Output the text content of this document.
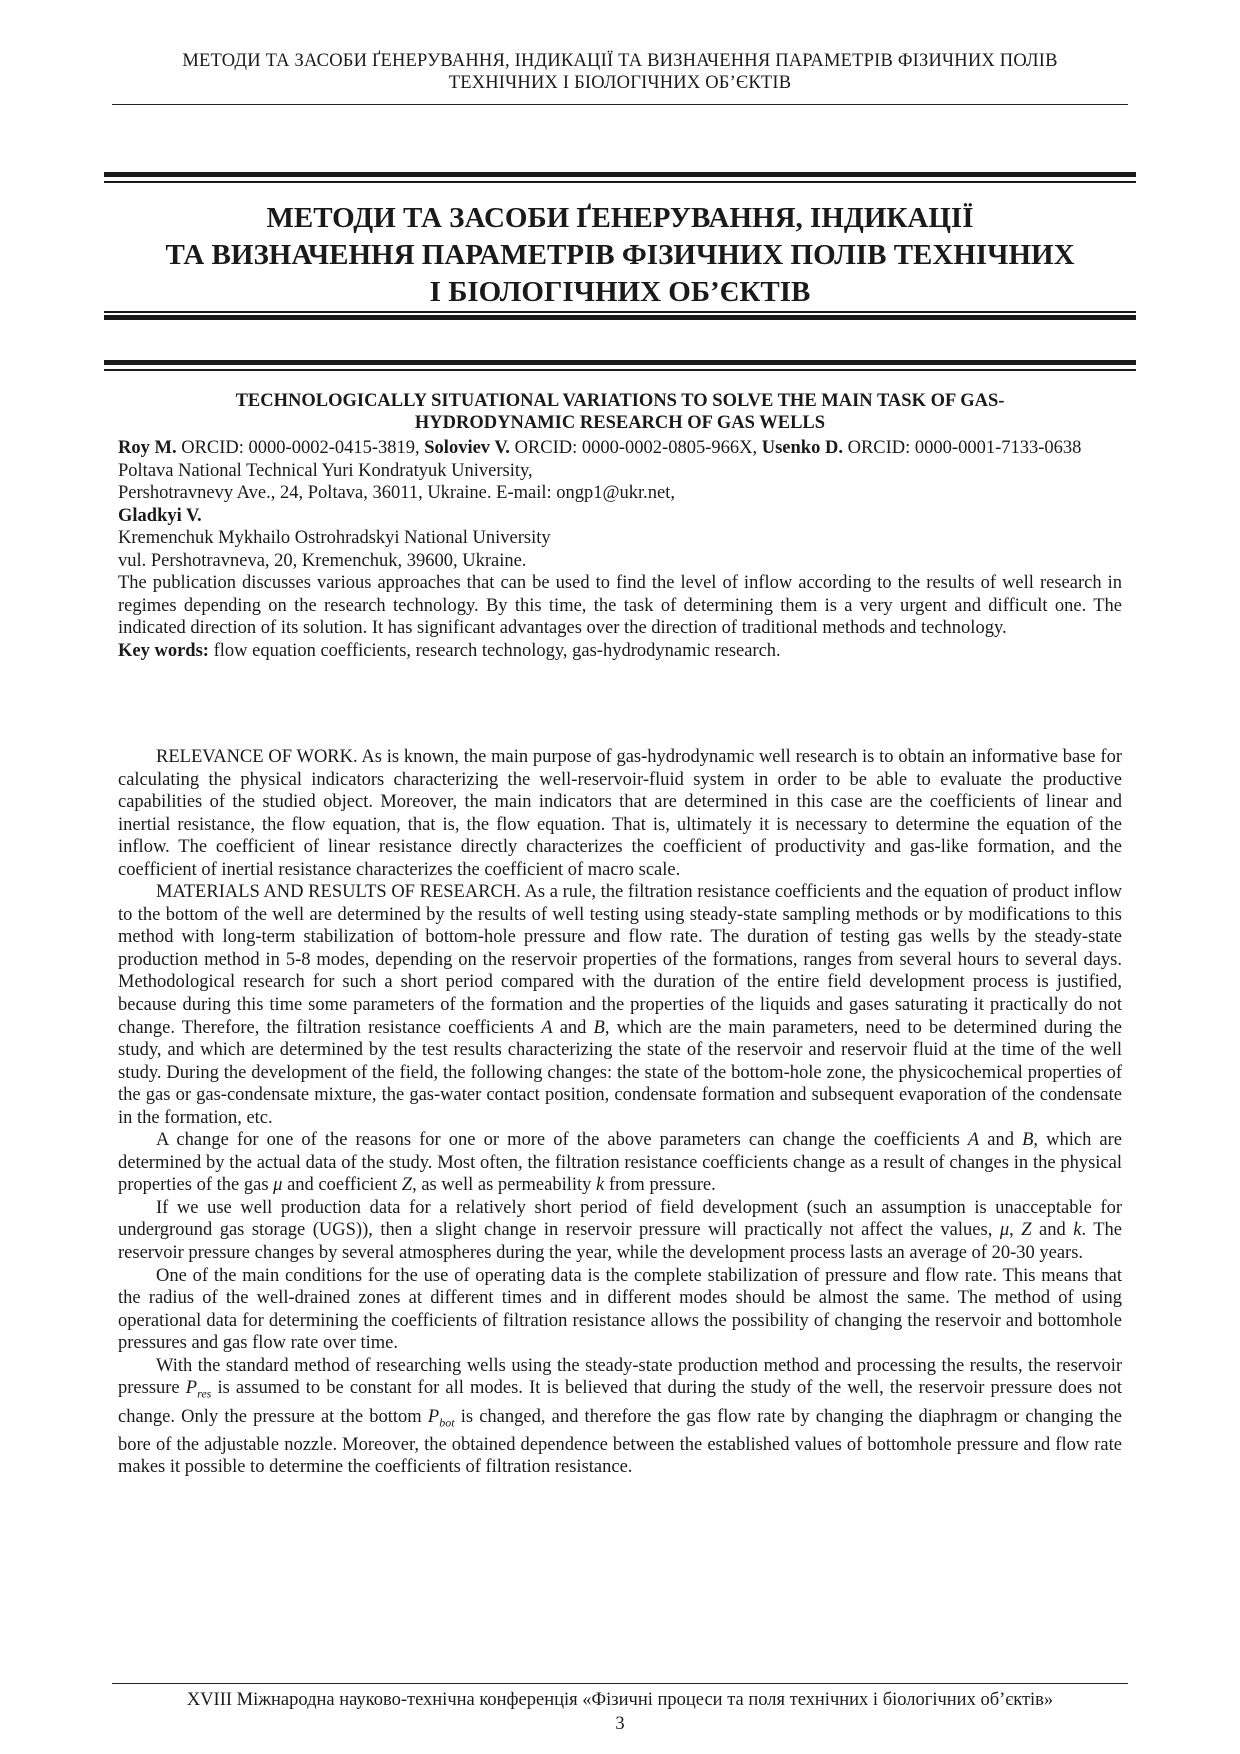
МЕТОДИ ТА ЗАСОБИ ҐЕНЕРУВАННЯ, ІНДИКАЦІЇ ТА ВИЗНАЧЕННЯ ПАРАМЕТРІВ ФІЗИЧНИХ ПОЛІВ
ТЕХНІЧНИХ І БІОЛОГІЧНИХ ОБ’ЄКТІВ
МЕТОДИ ТА ЗАСОБИ ҐЕНЕРУВАННЯ, ІНДИКАЦІЇ
ТА ВИЗНАЧЕННЯ ПАРАМЕТРІВ ФІЗИЧНИХ ПОЛІВ ТЕХНІЧНИХ
І БІОЛОГІЧНИХ ОБ’ЄКТІВ
TECHNOLOGICALLY SITUATIONAL VARIATIONS TO SOLVE THE MAIN TASK OF GAS-
HYDRODYNAMIC RESEARCH OF GAS WELLS

Roy M. ORCID: 0000-0002-0415-3819, Soloviev V. ORCID: 0000-0002-0805-966X, Usenko D. ORCID: 0000-0001-7133-0638

Poltava National Technical Yuri Kondratyuk University,

Pershotravnevy Ave., 24, Poltava, 36011, Ukraine. E-mail: ongp1@ukr.net,

Gladkyi V.

Kremenchuk Mykhailo Ostrohradskyi National University

vul. Pershotravneva, 20, Kremenchuk, 39600, Ukraine.

The publication discusses various approaches that can be used to find the level of inflow according to the results of well research in regimes depending on the research technology. By this time, the task of determining them is a very urgent and difficult one. The indicated direction of its solution. It has significant advantages over the direction of traditional methods and technology.

Key words: flow equation coefficients, research technology, gas-hydrodynamic research.

RELEVANCE OF WORK. As is known, the main purpose of gas-hydrodynamic well research is to obtain an informative base for calculating the physical indicators characterizing the well-reservoir-fluid system in order to be able to evaluate the productive capabilities of the studied object. Moreover, the main indicators that are determined in this case are the coefficients of linear and inertial resistance, the flow equation, that is, the flow equation. That is, ultimately it is necessary to determine the equation of the inflow. The coefficient of linear resistance directly characterizes the coefficient of productivity and gas-like formation, and the coefficient of inertial resistance characterizes the coefficient of macro scale.

MATERIALS AND RESULTS OF RESEARCH. As a rule, the filtration resistance coefficients and the equation of product inflow to the bottom of the well are determined by the results of well testing using steady-state sampling methods or by modifications to this method with long-term stabilization of bottom-hole pressure and flow rate. The duration of testing gas wells by the steady-state production method in 5-8 modes, depending on the reservoir properties of the formations, ranges from several hours to several days. Methodological research for such a short period compared with the duration of the entire field development process is justified, because during this time some parameters of the formation and the properties of the liquids and gases saturating it practically do not change. Therefore, the filtration resistance coefficients A and B, which are the main parameters, need to be determined during the study, and which are determined by the test results characterizing the state of the reservoir and reservoir fluid at the time of the well study. During the development of the field, the following changes: the state of the bottom-hole zone, the physicochemical properties of the gas or gas-condensate mixture, the gas-water contact position, condensate formation and subsequent evaporation of the condensate in the formation, etc.

A change for one of the reasons for one or more of the above parameters can change the coefficients A and B, which are determined by the actual data of the study. Most often, the filtration resistance coefficients change as a result of changes in the physical properties of the gas μ and coefficient Z, as well as permeability k from pressure.

If we use well production data for a relatively short period of field development (such an assumption is unacceptable for underground gas storage (UGS)), then a slight change in reservoir pressure will practically not affect the values, μ, Z and k. The reservoir pressure changes by several atmospheres during the year, while the development process lasts an average of 20-30 years.

One of the main conditions for the use of operating data is the complete stabilization of pressure and flow rate. This means that the radius of the well-drained zones at different times and in different modes should be almost the same. The method of using operational data for determining the coefficients of filtration resistance allows the possibility of changing the reservoir and bottomhole pressures and gas flow rate over time.

With the standard method of researching wells using the steady-state production method and processing the results, the reservoir pressure $P_{res}$ is assumed to be constant for all modes. It is believed that during the study of the well, the reservoir pressure does not change. Only the pressure at the bottom $P_{bot}$ is changed, and therefore the gas flow rate by changing the diaphragm or changing the bore of the adjustable nozzle. Moreover, the obtained dependence between the established values of bottomhole pressure and flow rate makes it possible to determine the coefficients of filtration resistance.

XVIII Міжнародна науково-технічна конференція «Фізичні процеси та поля технічних і біологічних об’єктів»
3
